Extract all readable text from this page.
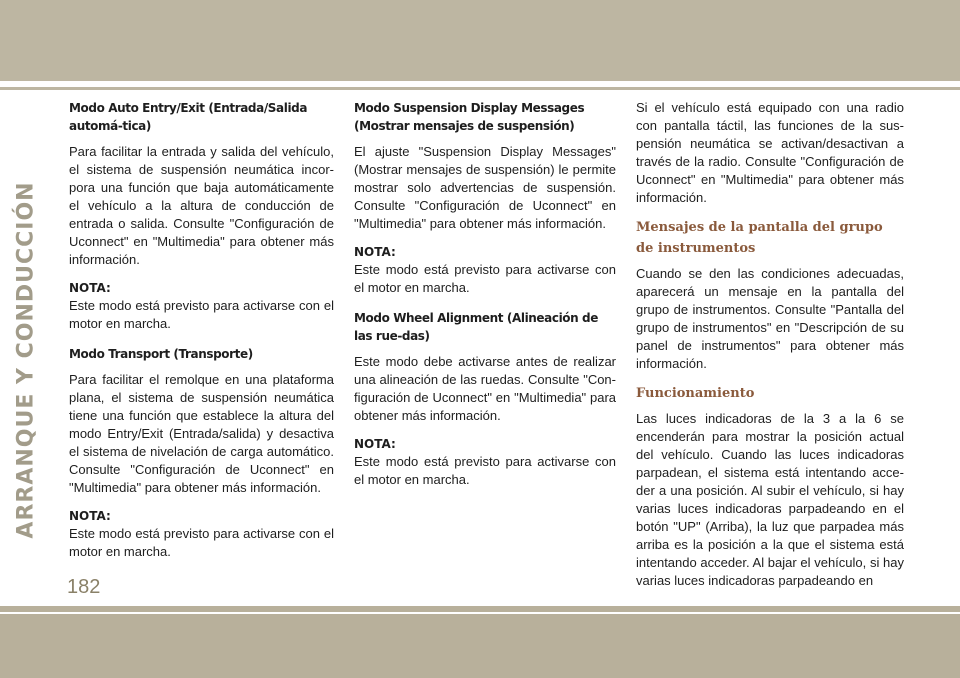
ARRANQUE Y CONDUCCIÓN
Modo Auto Entry/Exit (Entrada/Salida automá-tica)

Para facilitar la entrada y salida del vehículo, el sistema de suspensión neumática incor-pora una función que baja automáticamente el vehículo a la altura de conducción de entrada o salida. Consulte "Configuración de Uconnect" en "Multimedia" para obtener más información.

NOTA:

Este modo está previsto para activarse con el motor en marcha.

Modo Transport (Transporte)

Para facilitar el remolque en una plataforma plana, el sistema de suspensión neumática tiene una función que establece la altura del modo Entry/Exit (Entrada/salida) y desactiva el sistema de nivelación de carga automático. Consulte "Configuración de Uconnect" en "Multimedia" para obtener más información.

NOTA:

Este modo está previsto para activarse con el motor en marcha.

Modo Suspension Display Messages (Mostrar mensajes de suspensión)

El ajuste "Suspension Display Messages" (Mostrar mensajes de suspensión) le permite mostrar solo advertencias de suspensión. Consulte "Configuración de Uconnect" en "Multimedia" para obtener más información.

NOTA:

Este modo está previsto para activarse con el motor en marcha.

Modo Wheel Alignment (Alineación de las rue-das)

Este modo debe activarse antes de realizar una alineación de las ruedas. Consulte "Con-figuración de Uconnect" en "Multimedia" para obtener más información.

NOTA:

Este modo está previsto para activarse con el motor en marcha.

Si el vehículo está equipado con una radio con pantalla táctil, las funciones de la sus-pensión neumática se activan/desactivan a través de la radio. Consulte "Configuración de Uconnect" en "Multimedia" para obtener más información.

Mensajes de la pantalla del grupo de instrumentos

Cuando se den las condiciones adecuadas, aparecerá un mensaje en la pantalla del grupo de instrumentos. Consulte "Pantalla del grupo de instrumentos" en "Descripción de su panel de instrumentos" para obtener más información.

Funcionamiento

Las luces indicadoras de la 3 a la 6 se encenderán para mostrar la posición actual del vehículo. Cuando las luces indicadoras parpadean, el sistema está intentando acce-der a una posición. Al subir el vehículo, si hay varias luces indicadoras parpadeando en el botón "UP" (Arriba), la luz que parpadea más arriba es la posición a la que el sistema está intentando acceder. Al bajar el vehículo, si hay varias luces indicadoras parpadeando en

182
